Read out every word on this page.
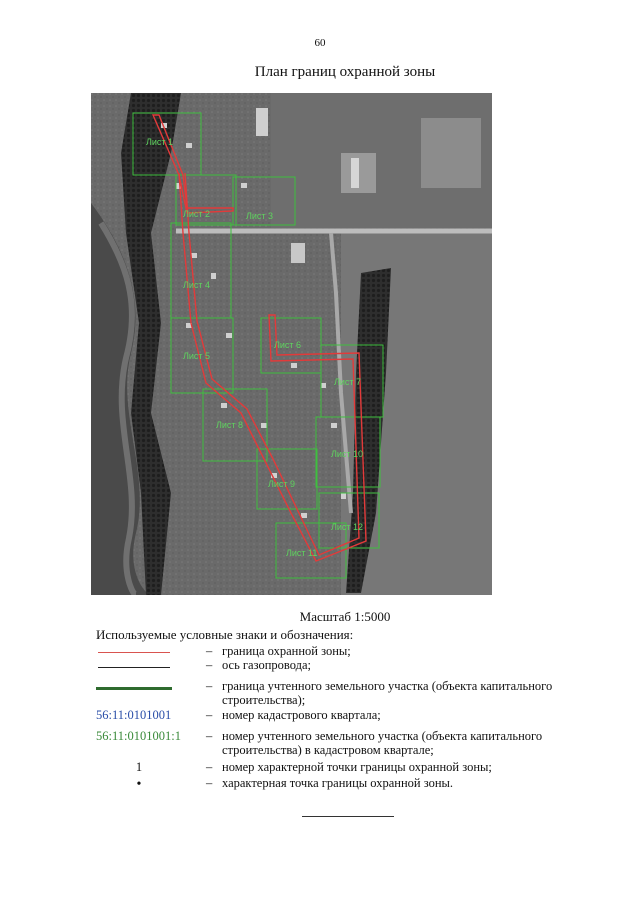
60
План границ охранной зоны
Лист 1
Лист 2	Лист 3
Лист 4
Лист 5
Лист 6
Лист 7
Лист 8
Лист 9
Лист 10
Лист 11
Лист 12
Масштаб 1:5000
Используемые условные знаки и обозначения:
– граница охранной зоны;
– ось газопровода;
– граница учтенного земельного участка (объекта капитального строительства);
56:11:0101001	– номер кадастрового квартала;
56:11:0101001:1	– номер учтенного земельного участка (объекта капитального строительства) в кадастровом квартале;
1	– номер характерной точки границы охранной зоны;
•	– характерная точка границы охранной зоны.
